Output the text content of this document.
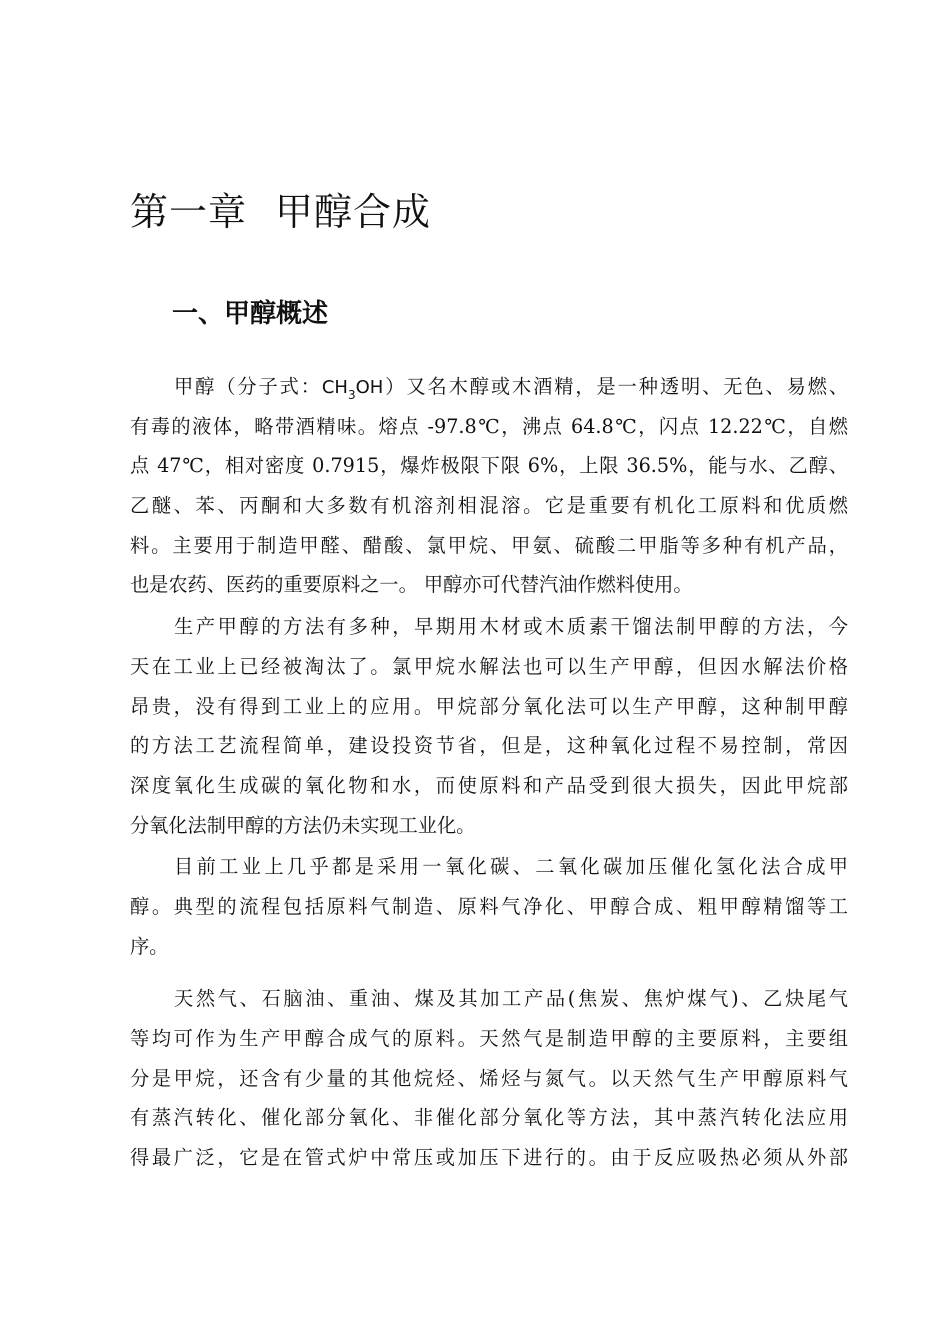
第一章 甲醇合成
一、甲醇概述
甲醇（分子式：$CH_3OH$）又名木醇或木酒精，是一种透明、无色、易燃、
有毒的液体，略带酒精味。熔点 -97.8℃，沸点 64.8℃，闪点 12.22℃，自燃
点 47℃，相对密度 0.7915，爆炸极限下限 6%，上限 36.5%，能与水、乙醇、
乙醚、苯、丙酮和大多数有机溶剂相混溶。它是重要有机化工原料和优质燃
料。主要用于制造甲醛、醋酸、氯甲烷、甲氨、硫酸二甲脂等多种有机产品，
也是农药、医药的重要原料之一。 甲醇亦可代替汽油作燃料使用。
生产甲醇的方法有多种，早期用木材或木质素干馏法制甲醇的方法，今
天在工业上已经被淘汰了。氯甲烷水解法也可以生产甲醇，但因水解法价格
昂贵，没有得到工业上的应用。甲烷部分氧化法可以生产甲醇，这种制甲醇
的方法工艺流程简单，建设投资节省，但是，这种氧化过程不易控制，常因
深度氧化生成碳的氧化物和水，而使原料和产品受到很大损失，因此甲烷部
分氧化法制甲醇的方法仍未实现工业化。
目前工业上几乎都是采用一氧化碳、二氧化碳加压催化氢化法合成甲
醇。典型的流程包括原料气制造、原料气净化、甲醇合成、粗甲醇精馏等工
序。
天然气、石脑油、重油、煤及其加工产品(焦炭、焦炉煤气)、乙炔尾气
等均可作为生产甲醇合成气的原料。天然气是制造甲醇的主要原料，主要组
分是甲烷，还含有少量的其他烷烃、烯烃与氮气。以天然气生产甲醇原料气
有蒸汽转化、催化部分氧化、非催化部分氧化等方法，其中蒸汽转化法应用
得最广泛，它是在管式炉中常压或加压下进行的。由于反应吸热必须从外部
